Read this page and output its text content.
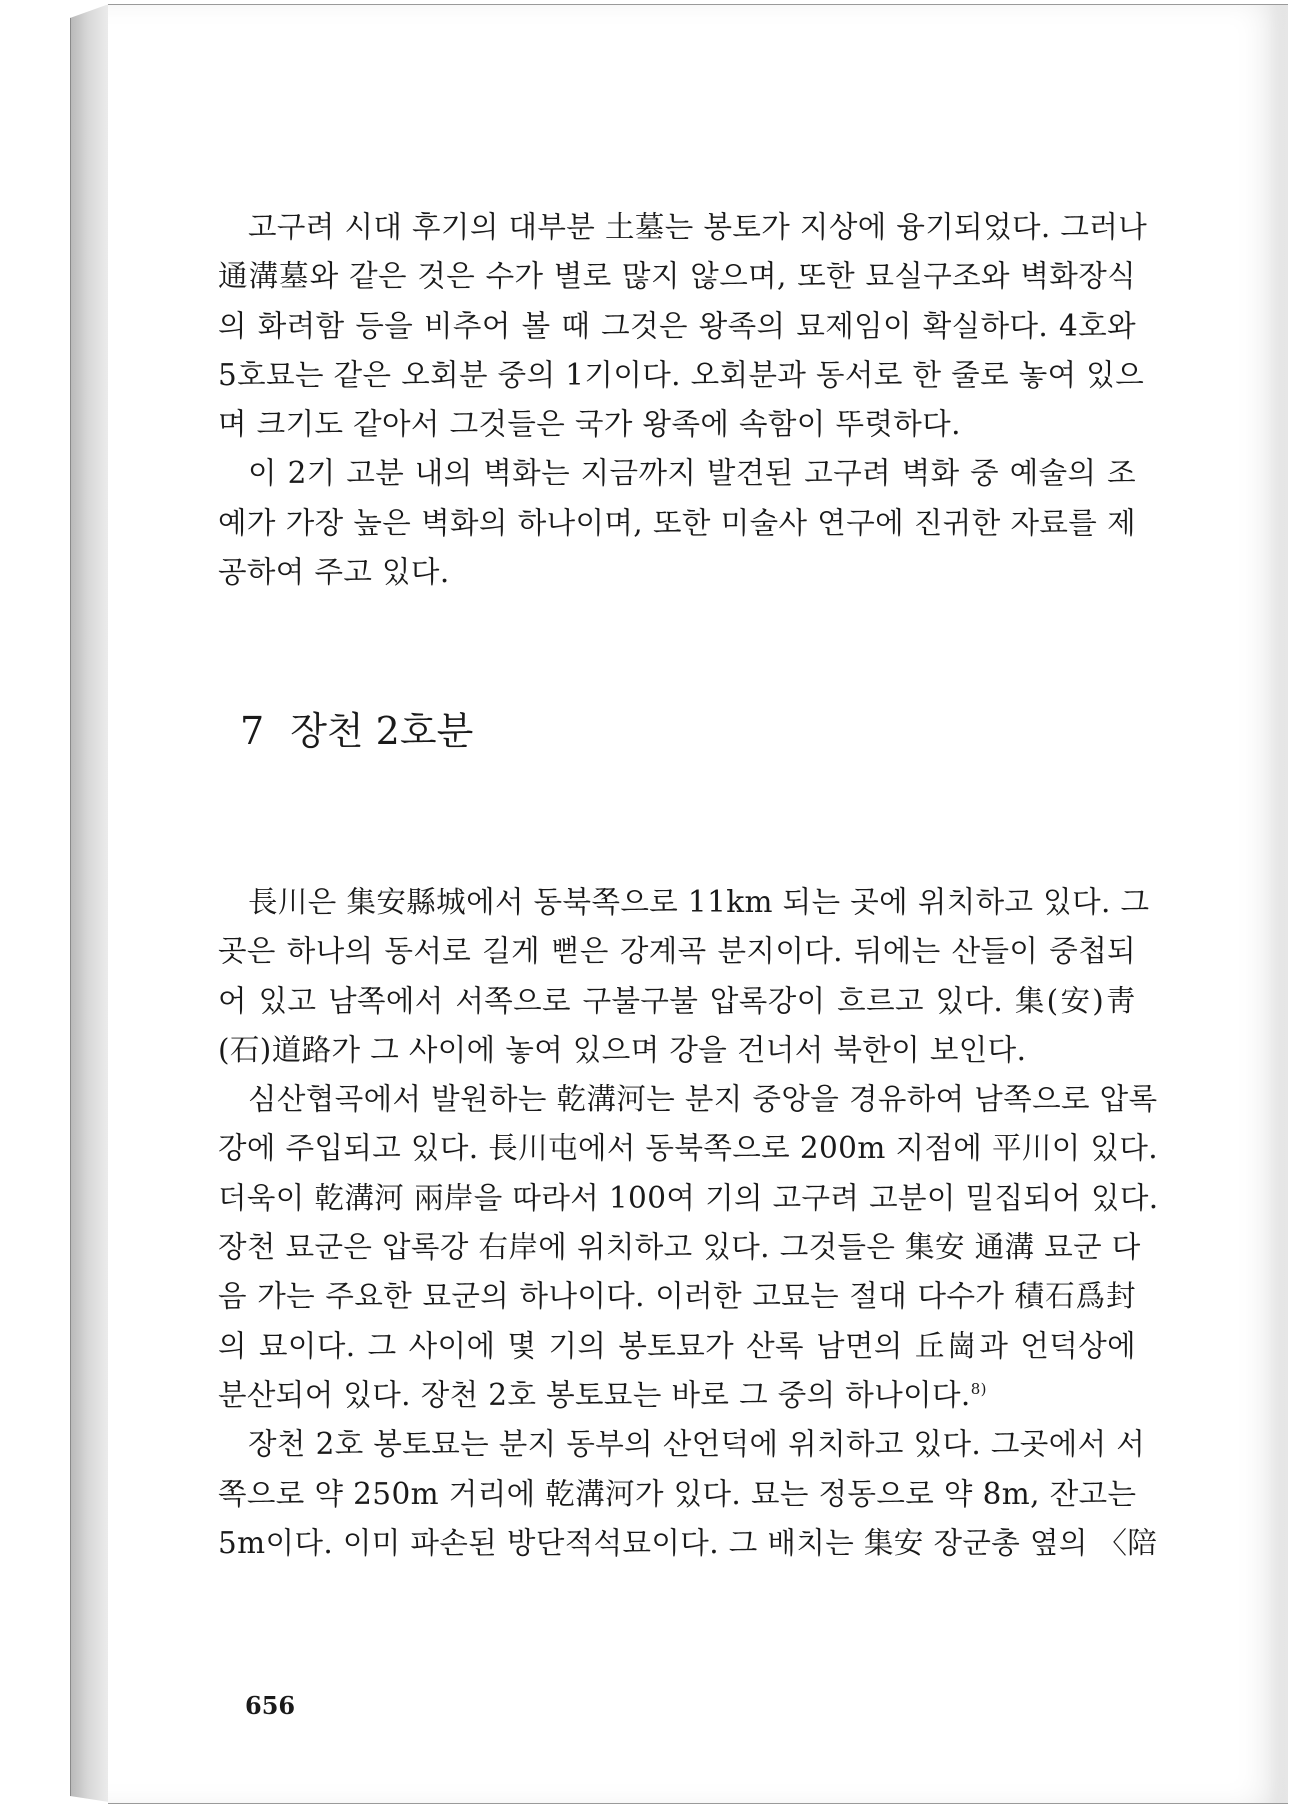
고구려 시대 후기의 대부분 土墓는 봉토가 지상에 융기되었다. 그러나
通溝墓와 같은 것은 수가 별로 많지 않으며, 또한 묘실구조와 벽화장식
의 화려함 등을 비추어 볼 때 그것은 왕족의 묘제임이 확실하다. 4호와
5호묘는 같은 오회분 중의 1기이다. 오회분과 동서로 한 줄로 놓여 있으
며 크기도 같아서 그것들은 국가 왕족에 속함이 뚜렷하다.
이 2기 고분 내의 벽화는 지금까지 발견된 고구려 벽화 중 예술의 조
예가 가장 높은 벽화의 하나이며, 또한 미술사 연구에 진귀한 자료를 제
공하여 주고 있다.
7 장천 2호분
長川은 集安縣城에서 동북쪽으로 11km 되는 곳에 위치하고 있다. 그
곳은 하나의 동서로 길게 뻗은 강계곡 분지이다. 뒤에는 산들이 중첩되
어 있고 남쪽에서 서쪽으로 구불구불 압록강이 흐르고 있다. 集(安)靑
(石)道路가 그 사이에 놓여 있으며 강을 건너서 북한이 보인다.
심산협곡에서 발원하는 乾溝河는 분지 중앙을 경유하여 남쪽으로 압록
강에 주입되고 있다. 長川屯에서 동북쪽으로 200m 지점에 平川이 있다.
더욱이 乾溝河 兩岸을 따라서 100여 기의 고구려 고분이 밀집되어 있다.
장천 묘군은 압록강 右岸에 위치하고 있다. 그것들은 集安 通溝 묘군 다
음 가는 주요한 묘군의 하나이다. 이러한 고묘는 절대 다수가 積石爲封
의 묘이다. 그 사이에 몇 기의 봉토묘가 산록 남면의 丘崗과 언덕상에
분산되어 있다. 장천 2호 봉토묘는 바로 그 중의 하나이다.$^{8)}$
장천 2호 봉토묘는 분지 동부의 산언덕에 위치하고 있다. 그곳에서 서
쪽으로 약 250m 거리에 乾溝河가 있다. 묘는 정동으로 약 8m, 잔고는
5m이다. 이미 파손된 방단적석묘이다. 그 배치는 集安 장군총 옆의 〈陪
656
